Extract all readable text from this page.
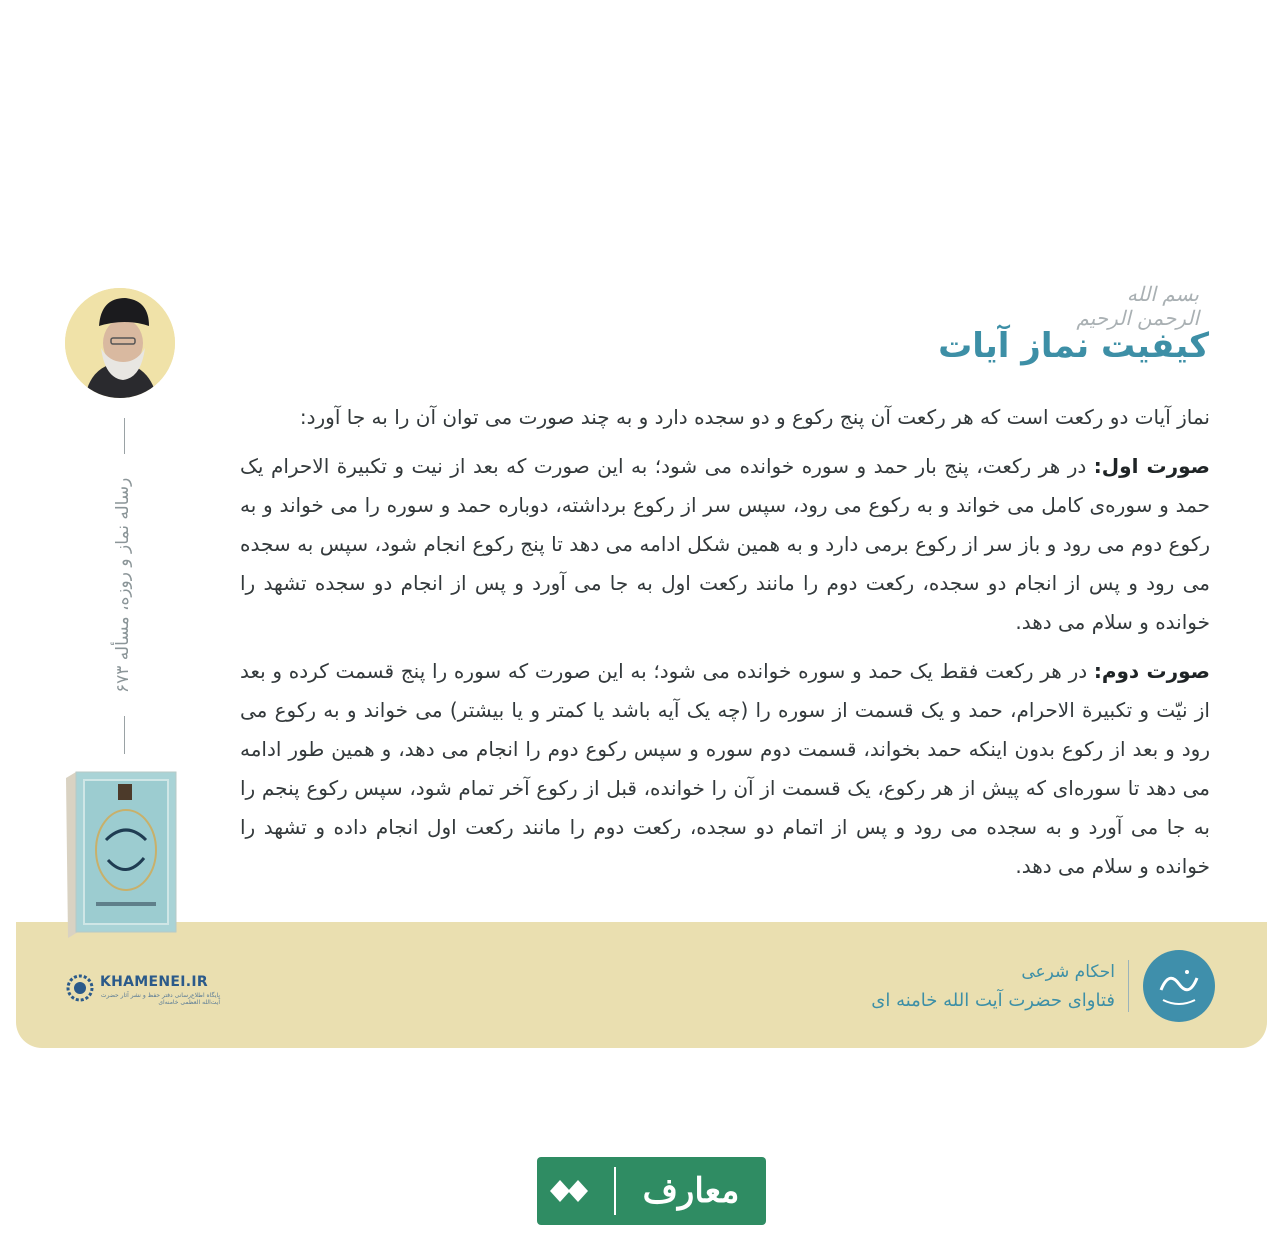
بسم الله الرحمن الرحیم
کیفیت نماز آیات

نماز آیات دو رکعت است که هر رکعت آن پنج رکوع و دو سجده دارد و به چند صورت می توان آن را به جا آورد:

صورت اول: در هر رکعت، پنج بار حمد و سوره خوانده می شود؛ به این صورت که بعد از نیت و تکبیرة الاحرام یک حمد و سوره‌ی کامل می خواند و به رکوع می رود، سپس سر از رکوع برداشته، دوباره حمد و سوره را می خواند و به رکوع دوم می رود و باز سر از رکوع برمی دارد و به همین شکل ادامه می دهد تا پنج رکوع انجام شود، سپس به سجده می رود و پس از انجام دو سجده، رکعت دوم را مانند رکعت اول به جا می آورد و پس از انجام دو سجده تشهد را خوانده و سلام می دهد.

صورت دوم: در هر رکعت فقط یک حمد و سوره خوانده می شود؛ به این صورت که سوره را پنج قسمت کرده و بعد از نیّت و تکبیرة الاحرام، حمد و یک قسمت از سوره را (چه یک آیه باشد یا کمتر و یا بیشتر) می خواند و به رکوع می رود و بعد از رکوع بدون اینکه حمد بخواند، قسمت دوم سوره و سپس رکوع دوم را انجام می دهد، و همین طور ادامه می دهد تا سوره‌ای که پیش از هر رکوع، یک قسمت از آن را خوانده، قبل از رکوع آخر تمام شود، سپس رکوع پنجم را به جا می آورد و به سجده می رود و پس از اتمام دو سجده، رکعت دوم را مانند رکعت اول انجام داده و تشهد را خوانده و سلام می دهد.

رساله نماز و روزه، مسأله ۶۷۳
KHAMENEI.IR
پایگاه اطلاع‌رسانی دفتر حفظ و نشر آثار حضرت آیت‌الله العظمی خامنه‌ای
احکام شرعی
فتاوای حضرت آیت الله خامنه ای
معارف
